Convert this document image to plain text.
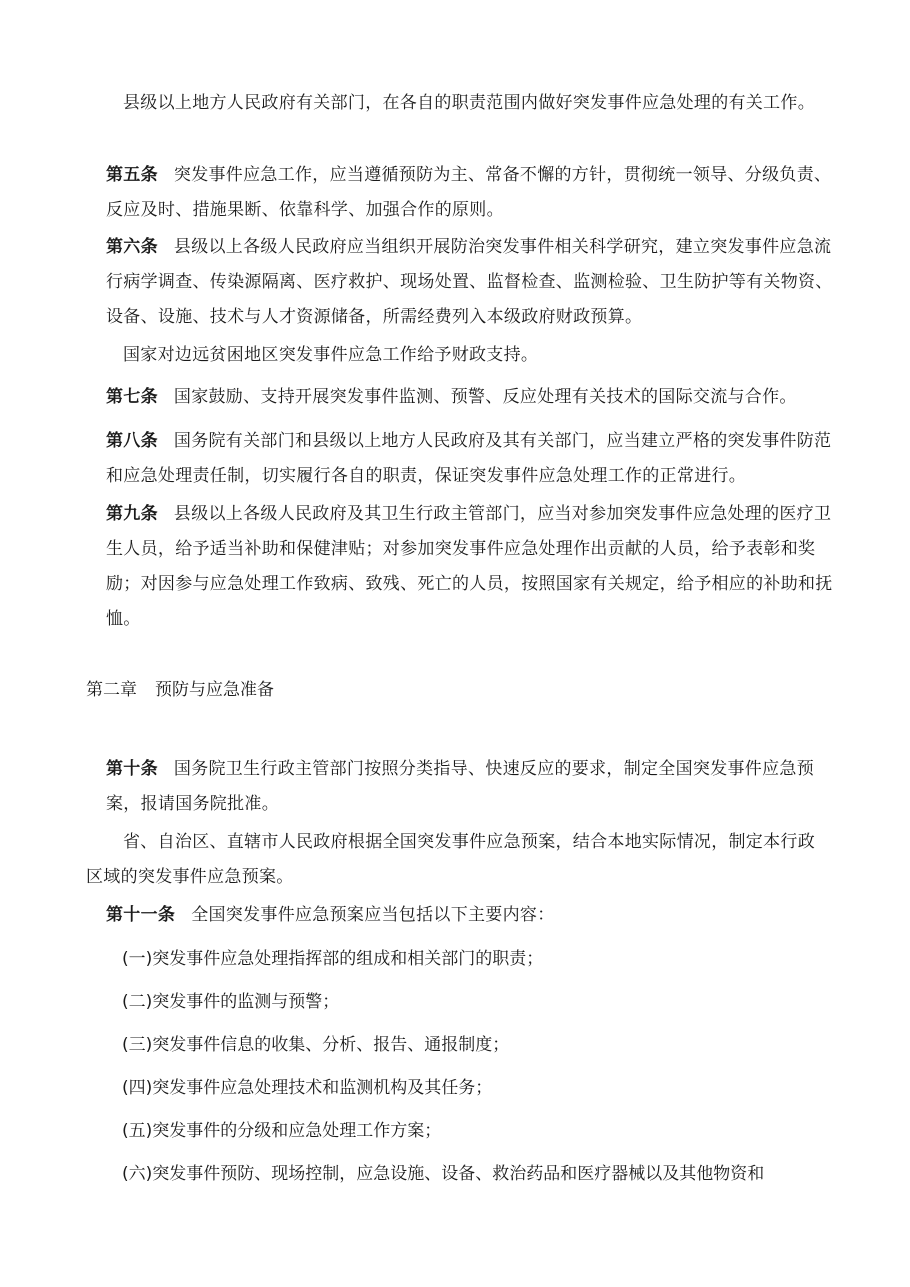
县级以上地方人民政府有关部门，在各自的职责范围内做好突发事件应急处理的有关工作。

第五条 突发事件应急工作，应当遵循预防为主、常备不懈的方针，贯彻统一领导、分级负责、反应及时、措施果断、依靠科学、加强合作的原则。

第六条 县级以上各级人民政府应当组织开展防治突发事件相关科学研究，建立突发事件应急流行病学调查、传染源隔离、医疗救护、现场处置、监督检查、监测检验、卫生防护等有关物资、设备、设施、技术与人才资源储备，所需经费列入本级政府财政预算。

国家对边远贫困地区突发事件应急工作给予财政支持。

第七条 国家鼓励、支持开展突发事件监测、预警、反应处理有关技术的国际交流与合作。

第八条 国务院有关部门和县级以上地方人民政府及其有关部门，应当建立严格的突发事件防范和应急处理责任制，切实履行各自的职责，保证突发事件应急处理工作的正常进行。

第九条 县级以上各级人民政府及其卫生行政主管部门，应当对参加突发事件应急处理的医疗卫生人员，给予适当补助和保健津贴；对参加突发事件应急处理作出贡献的人员，给予表彰和奖励；对因参与应急处理工作致病、致残、死亡的人员，按照国家有关规定，给予相应的补助和抚恤。

第二章 预防与应急准备

第十条 国务院卫生行政主管部门按照分类指导、快速反应的要求，制定全国突发事件应急预案，报请国务院批准。

省、自治区、直辖市人民政府根据全国突发事件应急预案，结合本地实际情况，制定本行政区域的突发事件应急预案。

第十一条 全国突发事件应急预案应当包括以下主要内容：

(一)突发事件应急处理指挥部的组成和相关部门的职责；

(二)突发事件的监测与预警；

(三)突发事件信息的收集、分析、报告、通报制度；

(四)突发事件应急处理技术和监测机构及其任务；

(五)突发事件的分级和应急处理工作方案；

(六)突发事件预防、现场控制，应急设施、设备、救治药品和医疗器械以及其他物资和
